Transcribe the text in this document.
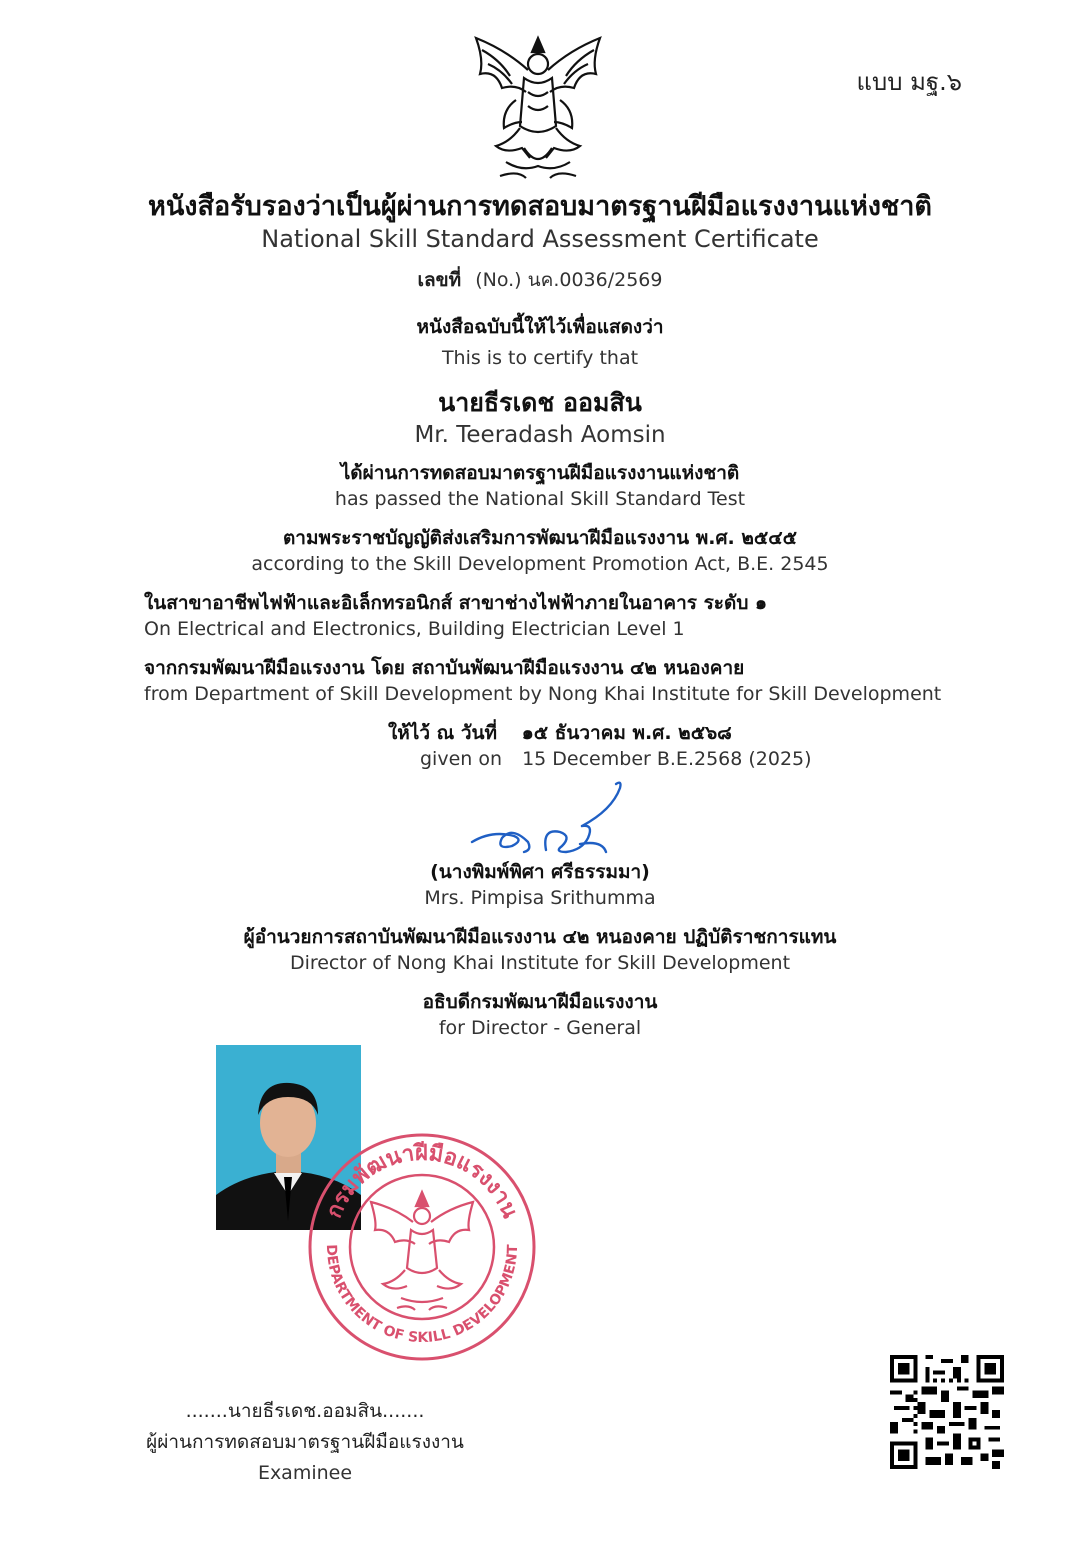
แบบ มฐ.๖
หนังสือรับรองว่าเป็นผู้ผ่านการทดสอบมาตรฐานฝีมือแรงงานแห่งชาติ
National Skill Standard Assessment Certificate
เลขที่ (No.) นค.0036/2569
หนังสือฉบับนี้ให้ไว้เพื่อแสดงว่า
This is to certify that
นายธีรเดช ออมสิน
Mr. Teeradash Aomsin
ได้ผ่านการทดสอบมาตรฐานฝีมือแรงงานแห่งชาติ
has passed the National Skill Standard Test
ตามพระราชบัญญัติส่งเสริมการพัฒนาฝีมือแรงงาน พ.ศ. ๒๕๔๕
according to the Skill Development Promotion Act, B.E. 2545
ในสาขาอาชีพไฟฟ้าและอิเล็กทรอนิกส์ สาขาช่างไฟฟ้าภายในอาคาร ระดับ ๑
On Electrical and Electronics, Building Electrician Level 1
จากกรมพัฒนาฝีมือแรงงาน โดย สถาบันพัฒนาฝีมือแรงงาน ๔๒ หนองคาย
from Department of Skill Development by Nong Khai Institute for Skill Development
ให้ไว้ ณ วันที่ ๑๕ ธันวาคม พ.ศ. ๒๕๖๘
given on 15 December B.E.2568 (2025)
(นางพิมพ์พิศา ศรีธรรมมา)
Mrs. Pimpisa Srithumma
ผู้อำนวยการสถาบันพัฒนาฝีมือแรงงาน ๔๒ หนองคาย ปฏิบัติราชการแทน
Director of Nong Khai Institute for Skill Development
อธิบดีกรมพัฒนาฝีมือแรงงาน
for Director - General
กรมพัฒนาฝีมือแรงงาน
DEPARTMENT OF SKILL DEVELOPMENT
.......นายธีรเดช.ออมสิน.......
ผู้ผ่านการทดสอบมาตรฐานฝีมือแรงงาน
Examinee
